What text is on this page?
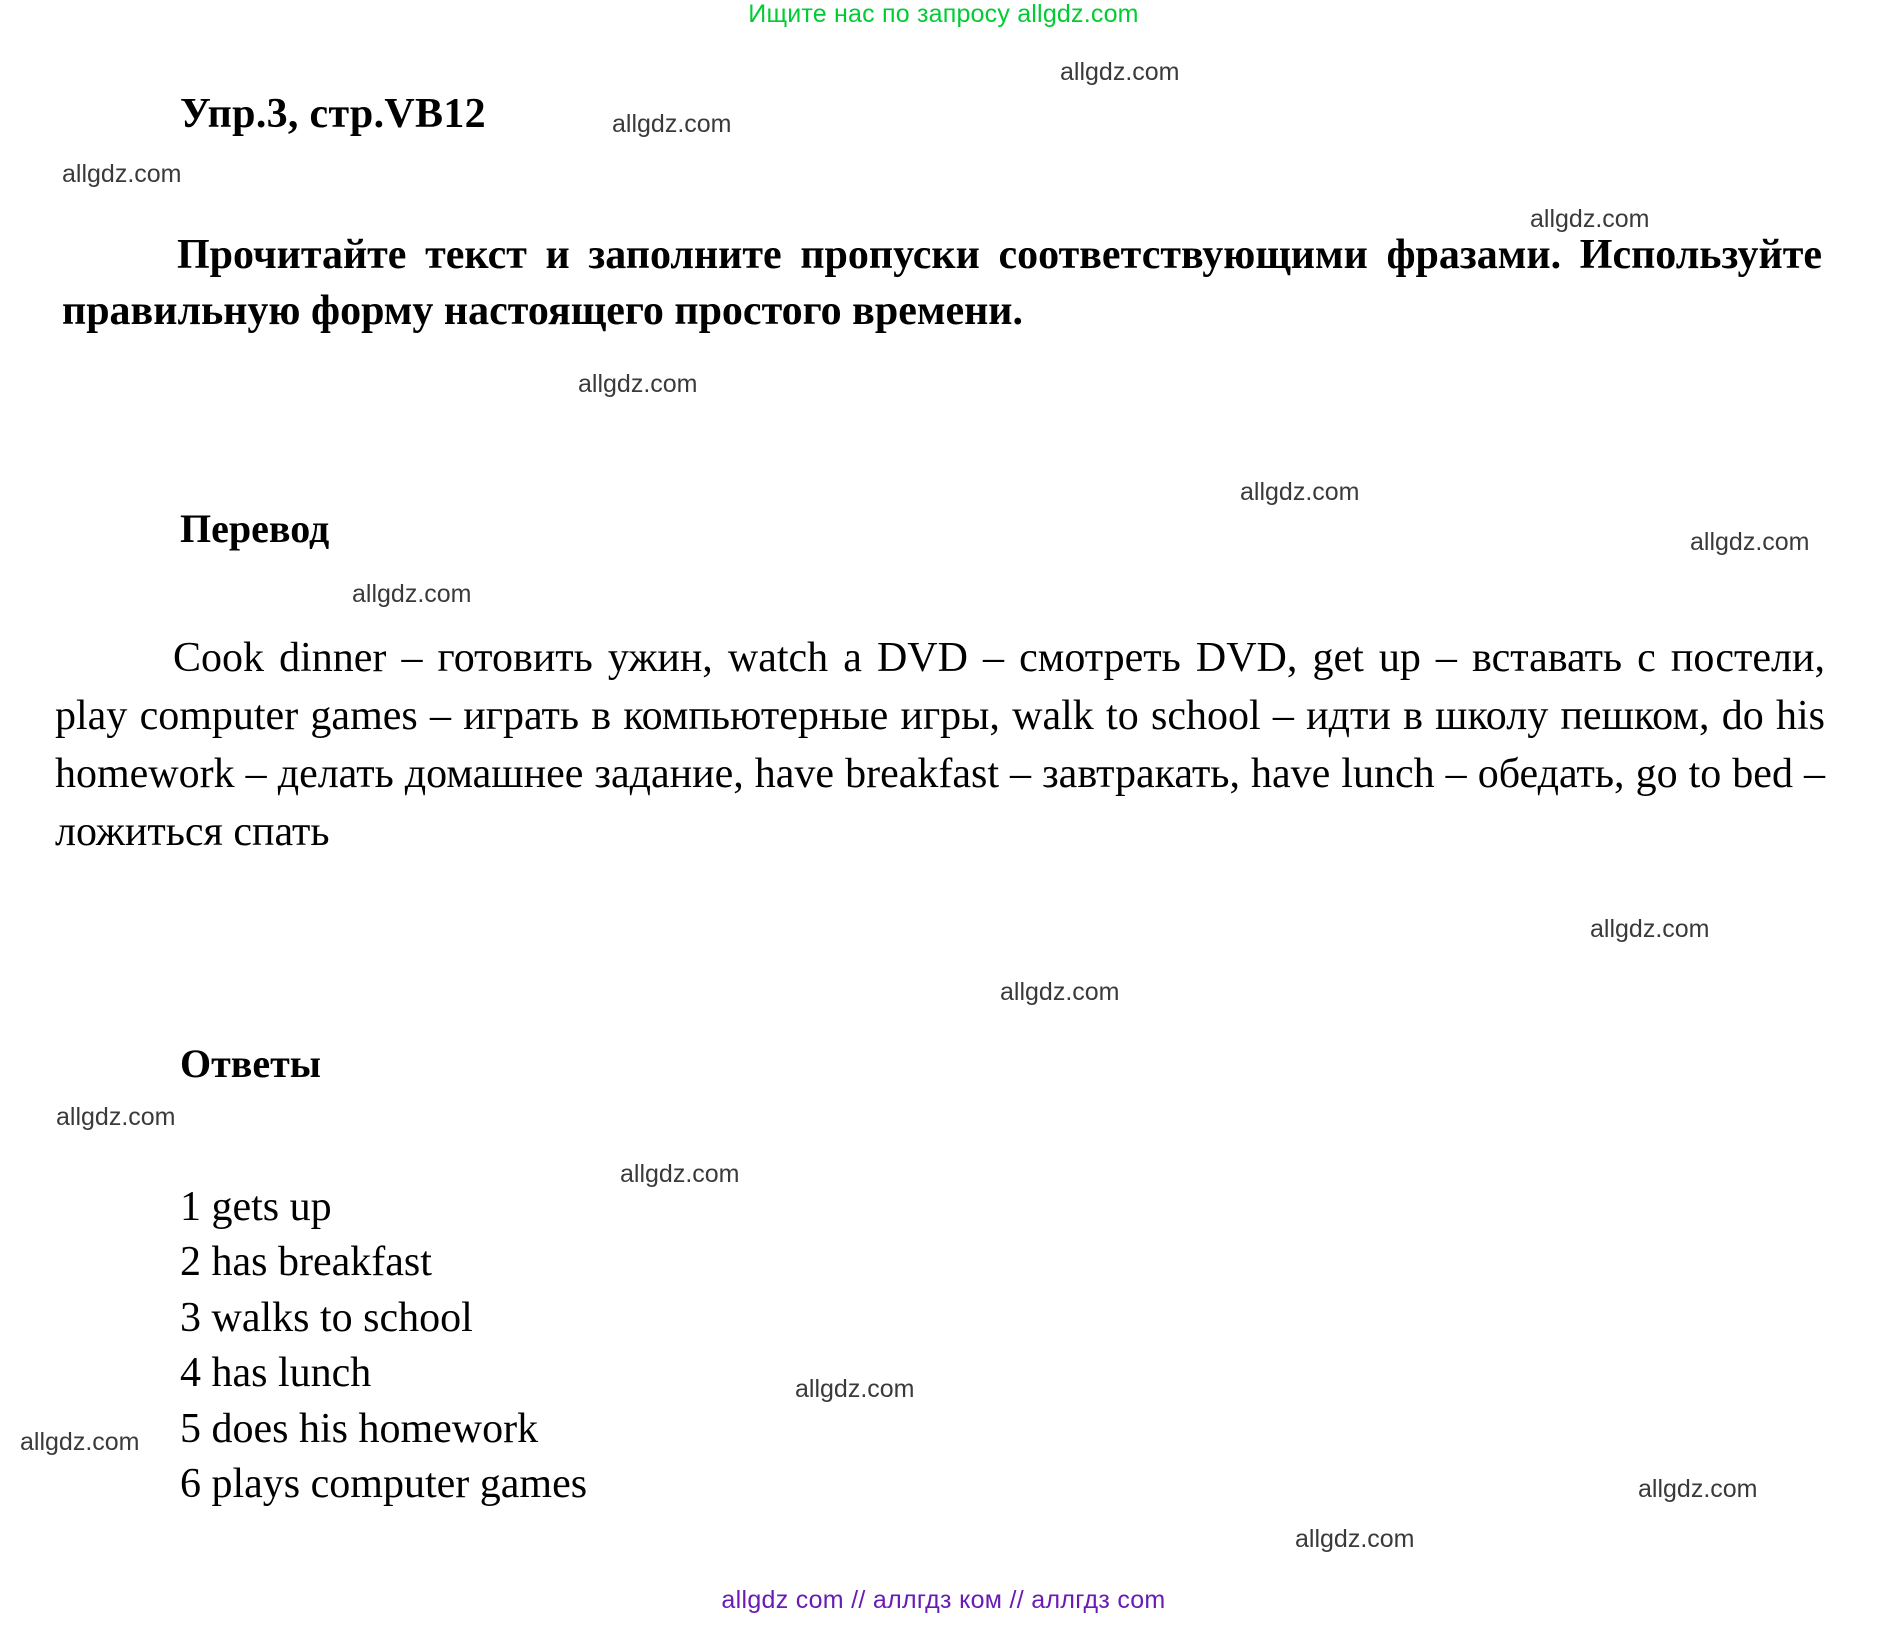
Ищите нас по запросу allgdz.com
Упр.3, стр.VB12
Прочитайте текст и заполните пропуски соответствующими фразами. Используйте правильную форму настоящего простого времени.
Перевод
Cook dinner – готовить ужин, watch a DVD – смотреть DVD, get up – вставать с постели, play computer games – играть в компьютерные игры, walk to school – идти в школу пешком, do his homework – делать домашнее задание, have breakfast – завтракать, have lunch – обедать, go to bed – ложиться спать
Ответы
1 gets up
2 has breakfast
3 walks to school
4 has lunch
5 does his homework
6 plays computer games
allgdz.com
allgdz.com
allgdz.com
allgdz.com
allgdz.com
allgdz.com
allgdz.com
allgdz.com
allgdz.com
allgdz.com
allgdz.com
allgdz.com
allgdz.com
allgdz.com
allgdz.com
allgdz.com
allgdz com // аллгдз ком // аллгдз сom
